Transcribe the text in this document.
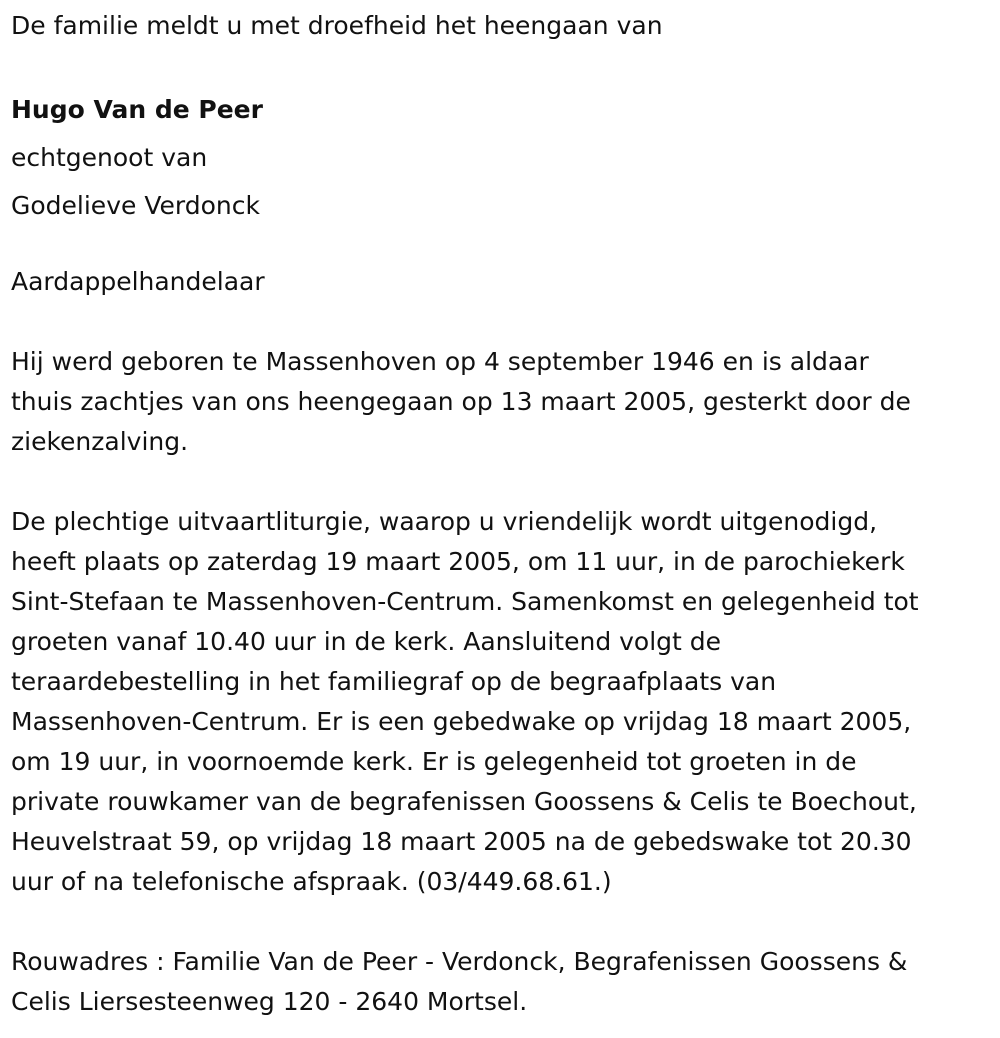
De familie meldt u met droefheid het heengaan van

Hugo Van de Peer

echtgenoot van

Godelieve Verdonck

Aardappelhandelaar

Hij werd geboren te Massenhoven op 4 september 1946 en is aldaar
thuis zachtjes van ons heengegaan op 13 maart 2005, gesterkt door de
ziekenzalving.

De plechtige uitvaartliturgie, waarop u vriendelijk wordt uitgenodigd,
heeft plaats op zaterdag 19 maart 2005, om 11 uur, in de parochiekerk
Sint-Stefaan te Massenhoven-Centrum. Samenkomst en gelegenheid tot
groeten vanaf 10.40 uur in de kerk. Aansluitend volgt de
teraardebestelling in het familiegraf op de begraafplaats van
Massenhoven-Centrum. Er is een gebedwake op vrijdag 18 maart 2005,
om 19 uur, in voornoemde kerk. Er is gelegenheid tot groeten in de
private rouwkamer van de begrafenissen Goossens & Celis te Boechout,
Heuvelstraat 59, op vrijdag 18 maart 2005 na de gebedswake tot 20.30
uur of na telefonische afspraak. (03/449.68.61.)

Rouwadres : Familie Van de Peer - Verdonck, Begrafenissen Goossens &
Celis Liersesteenweg 120 - 2640 Mortsel.
